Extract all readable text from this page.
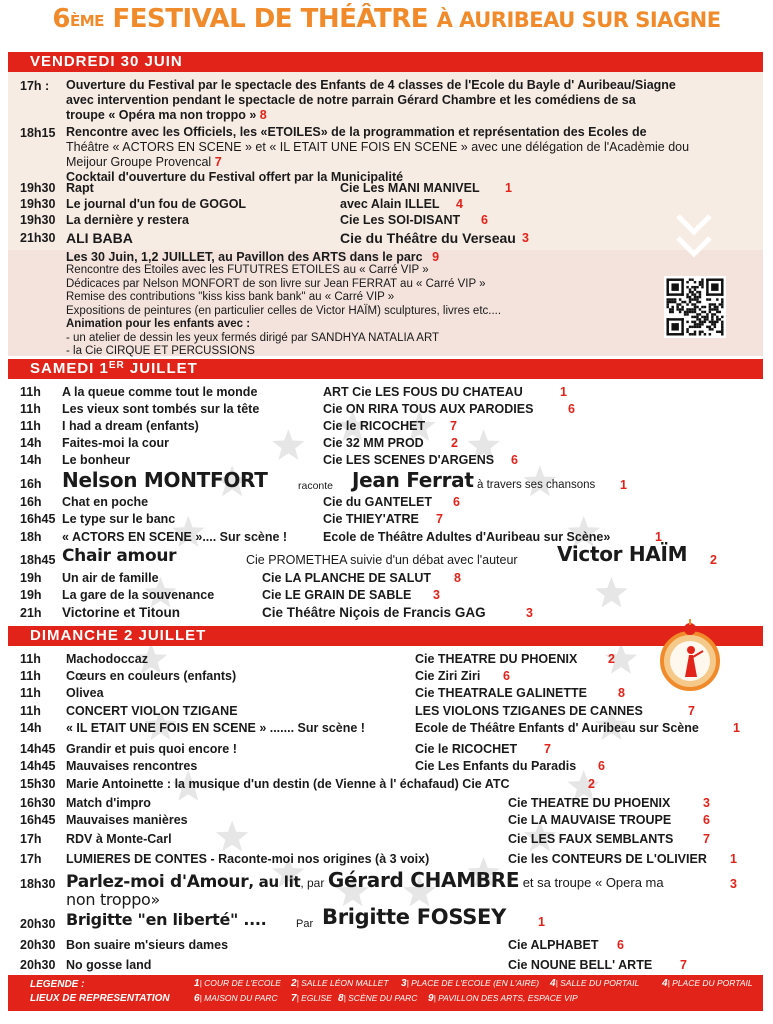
6ÈME FESTIVAL DE THÉÂTRE À AURIBEAU SUR SIAGNE
VENDREDI 30 JUIN
17h : Ouverture du Festival par le spectacle des Enfants de 4 classes de l'Ecole du Bayle d' Auribeau/Siagne
avec intervention pendant le spectacle de notre parrain Gérard Chambre et les comédiens de sa
troupe « Opéra ma non troppo » 8
18h15 Rencontre avec les Officiels, les «ETOILES» de la programmation et représentation des Ecoles de
Théâtre « ACTORS EN SCENE » et « IL ETAIT UNE FOIS EN SCENE » avec une délégation de l'Acadèmie dou
Meijour Groupe Provencal 7
Cocktail d'ouverture du Festival offert par la Municipalité
19h30 Rapt	Cie Les MANI MANIVEL 1
19h30 Le journal d'un fou de GOGOL	avec Alain ILLEL 4
19h30 La dernière y restera	Cie Les SOI-DISANT 6
21h30 ALI BABA	Cie du Théâtre du Verseau 3
Les 30 Juin, 1,2 JUILLET, au Pavillon des ARTS dans le parc 9
Rencontre des Etoiles avec les FUTUTRES ETOILES au « Carré VIP »
Dédicaces par Nelson MONFORT de son livre sur Jean FERRAT au « Carré VIP »
Remise des contributions "kiss kiss bank bank" au « Carré VIP »
Expositions de peintures (en particulier celles de Victor HAÏM) sculptures, livres etc....
Animation pour les enfants avec :
- un atelier de dessin les yeux fermés dirigé par SANDHYA NATALIA ART
- la Cie CIRQUE ET PERCUSSIONS
SAMEDI 1ER JUILLET
11h A la queue comme tout le monde	ART Cie LES FOUS DU CHATEAU	1
11h Les vieux sont tombés sur la tête	Cie ON RIRA TOUS AUX PARODIES	6
11h I had a dream (enfants)	Cie le RICOCHET 7
14h Faites-moi la cour	Cie 32 MM PROD 2
14h Le bonheur	Cie LES SCENES D'ARGENS 6
16h Nelson MONTFORT	raconte Jean Ferrat à travers ses chansons 1
16h Chat en poche	Cie du GANTELET 6
16h45 Le type sur le banc	Cie THIEY'ATRE 7
18h « ACTORS EN SCENE ».... Sur scène !	Ecole de Théâtre Adultes d'Auribeau sur Scène»	1
18h45 Chair amour	Cie PROMETHEA suivie d'un débat avec l'auteur Victor HAÏM 2
19h Un air de famille	Cie LA PLANCHE DE SALUT 8
19h La gare de la souvenance	Cie LE GRAIN DE SABLE 3
21h Victorine et Titoun	Cie Théâtre Niçois de Francis GAG	3
DIMANCHE 2 JUILLET
11h Machodoccaz	Cie THEATRE DU PHOENIX 2
11h Cœurs en couleurs (enfants)	Cie Ziri Ziri 6
11h Olivea	Cie THEATRALE GALINETTE 8
11h CONCERT VIOLON TZIGANE	LES VIOLONS TZIGANES DE CANNES	7
14h « IL ETAIT UNE FOIS EN SCENE » ....... Sur scène !	Ecole de Théâtre Enfants d' Auribeau sur Scène	1
14h45 Grandir et puis quoi encore !	Cie le RICOCHET 7
14h45 Mauvaises rencontres	Cie Les Enfants du Paradis 6
15h30 Marie Antoinette : la musique d'un destin (de Vienne à l' échafaud) Cie ATC	2
16h30 Match d'impro	Cie THEATRE DU PHOENIX	3
16h45 Mauvaises manières	Cie LA MAUVAISE TROUPE	6
17h RDV à Monte-Carl	Cie LES FAUX SEMBLANTS 7
17h LUMIERES DE CONTES - Raconte-moi nos origines (à 3 voix)	Cie les CONTEURS DE L'OLIVIER 1
18h30 Parlez-moi d'Amour, au lit, par Gérard CHAMBRE et sa troupe « Opera ma
non troppo»
3
20h30 Brigitte "en liberté" ....	Par Brigitte FOSSEY	1
20h30 Bon suaire m'sieurs dames	Cie ALPHABET 6
20h30 No gosse land	Cie NOUNE BELL' ARTE 7
LEGENDE :
LIEUX DE REPRESENTATION
1| COUR DE L'ECOLE 2| SALLE LÉON MALLET 3| PLACE DE L'ECOLE (EN L'AIRE) 4| SALLE DU PORTAIL 4| PLACE DU PORTAIL
6| MAISON DU PARC 7| EGLISE 8| SCÈNE DU PARC 9| PAVILLON DES ARTS, ESPACE VIP
